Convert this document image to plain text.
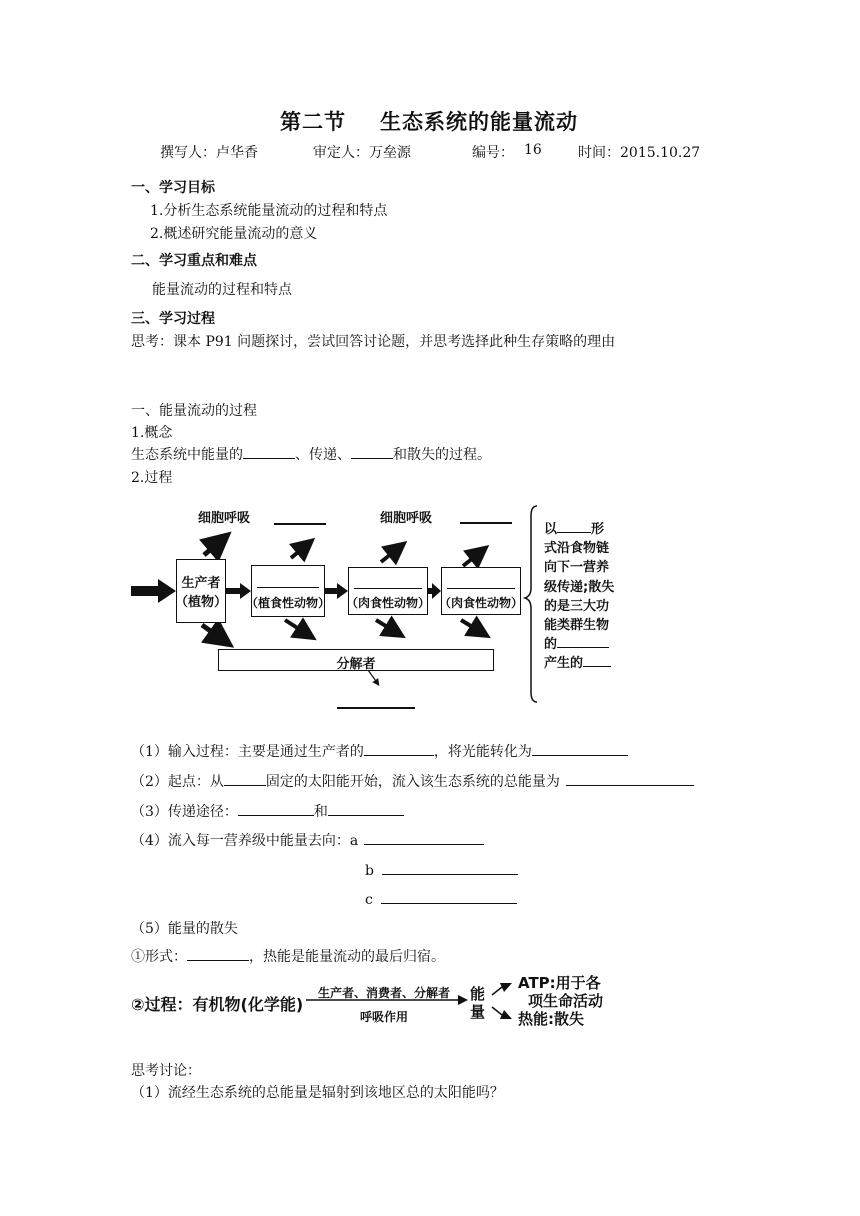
第二节 生态系统的能量流动
撰写人：卢华香	审定人：万垒源	编号： 16	时间：2015.10.27
一、学习目标
1.分析生态系统能量流动的过程和特点
2.概述研究能量流动的意义
二、学习重点和难点
能量流动的过程和特点
三、学习过程
思考：课本 P91 问题探讨，尝试回答讨论题，并思考选择此种生存策略的理由
一、能量流动的过程
1.概念
生态系统中能量的	、传递、	和散失的过程。
2.过程
细胞呼吸	细胞呼吸
生产者
（植物）	（植食性动物） （肉食性动物） （肉食性动物）
分解者
以	形
式沿食物链
向下一营养
级传递;散失
的是三大功
能类群生物
的
产生的
（1）输入过程：主要是通过生产者的	，将光能转化为
（2）起点：从	固定的太阳能开始，流入该生态系统的总能量为
（3）传递途径：	和
（4）流入每一营养级中能量去向：a
b
c
（5）能量的散失
①形式：	，热能是能量流动的最后归宿。
②过程：有机物(化学能)
生产者、消费者、分解者
呼吸作用
能
量
ATP:用于各
项生命活动
热能:散失
思考讨论：
（1）流经生态系统的总能量是辐射到该地区总的太阳能吗？
